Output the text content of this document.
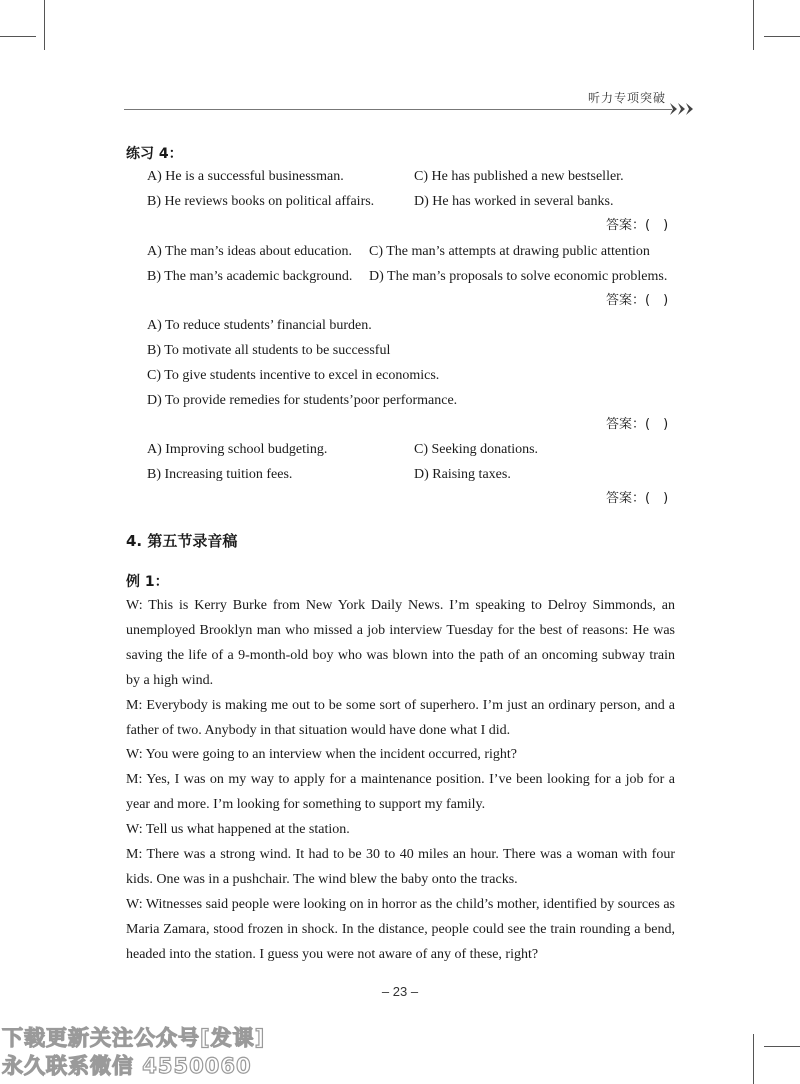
听力专项突破
练习 4：
A) He is a successful businessman.	C) He has published a new bestseller.
B) He reviews books on political affairs.	D) He has worked in several banks.
答案：(　)
A) The man’s ideas about education. C) The man’s attempts at drawing public attention
B) The man’s academic background. D) The man’s proposals to solve economic problems.
答案：(　)
A) To reduce students’ financial burden.
B) To motivate all students to be successful
C) To give students incentive to excel in economics.
D) To provide remedies for students’poor performance.
答案：(　)
A) Improving school budgeting.	C) Seeking donations.
B) Increasing tuition fees.	D) Raising taxes.
答案：(　)
4. 第五节录音稿
例 1：

W: This is Kerry Burke from New York Daily News. I’m speaking to Delroy Simmonds, an unemployed Brooklyn man who missed a job interview Tuesday for the best of reasons: He was saving the life of a 9-month-old boy who was blown into the path of an oncoming subway train by a high wind.

M: Everybody is making me out to be some sort of superhero. I’m just an ordinary person, and a father of two. Anybody in that situation would have done what I did.

W: You were going to an interview when the incident occurred, right?

M: Yes, I was on my way to apply for a maintenance position. I’ve been looking for a job for a year and more. I’m looking for something to support my family.

W: Tell us what happened at the station.

M: There was a strong wind. It had to be 30 to 40 miles an hour. There was a woman with four kids. One was in a pushchair. The wind blew the baby onto the tracks.

W: Witnesses said people were looking on in horror as the child’s mother, identified by sources as Maria Zamara, stood frozen in shock. In the distance, people could see the train rounding a bend, headed into the station. I guess you were not aware of any of these, right?

– 23 –
下载更新关注公众号[发课]
永久联系微信 4550060
